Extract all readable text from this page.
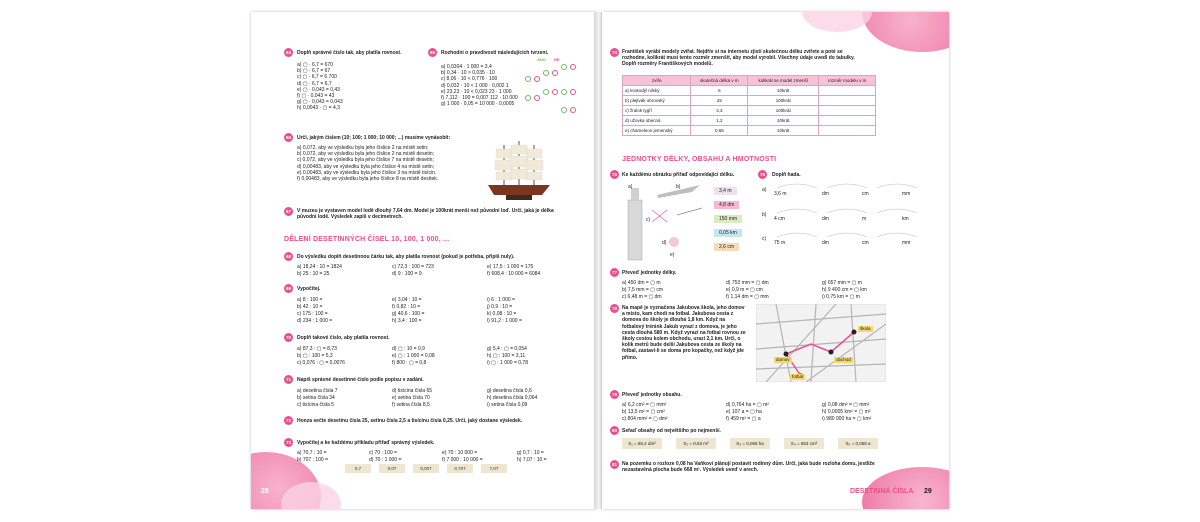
64	Doplň správné číslo tak, aby platila rovnost.
a) ▢ · 6,7 = 670
b) ▢ · 6,7 = 67
c) ▢ · 6,7 = 6 700
d) ▢ · 6,7 = 6,7
e) ▢ · 0,043 = 0,43
f) ▢ · 0,043 = 43
g) ▢ · 0,043 = 0,043
h) 0,0043 · ▢ = 4,3
65	Rozhodni o pravdivosti následujících tvrzení.
ANO NE
a) 0,0304 · 1 000 = 3,4
b) 0,34 · 10 > 0,035 · 10
c) 8,06 · 10 < 0,776 · 100
d) 0,032 · 10 < 1 000 · 0,002 1
e) 23,23 · 10 < 0,023 23 · 1 000
f) 7,112 · 100 = 0,007 112 · 10 000
g) 1 000 · 0,05 = 10 000 · 0,0005
66	Urči, jakým číslem (10; 100; 1 000; 10 000; ...) musíme vynásobit:
a) 0,072, aby ve výsledku byla jeho číslice 2 na místě setin;
b) 0,072, aby ve výsledku byla jeho číslice 2 na místě desetin;
c) 0,072, aby ve výsledku byla jeho číslice 7 na místě desetin;
d) 0,00483, aby ve výsledku byla jeho číslice 4 na místě setin;
e) 0,00483, aby ve výsledku byla jeho číslice 3 na místě tisícin.
f) 0,00483, aby ve výsledku byla jeho číslice 8 na místě desítek.
67	V muzeu je vystaven model lodě dlouhý 7,64 dm. Model je 100krát menší než původní loď. Urči, jaká je délka původní lodě. Výsledek zapiš v decimetrech.
DĚLENÍ DESETINNÝCH ČÍSEL 10, 100, 1 000, ...
68	Do výsledku doplň desetinnou čárku tak, aby platila rovnost (pokud je potřeba, připiš nuly).
a) 18,24 : 10 = 1824
b) 25 : 10 = 25
c) 72,3 : 100 = 723
d) 9 : 100 = 9
e) 17,5 : 1 000 = 175
f) 608,4 : 10 000 = 6084
69	Vypočítej.
a) 8 : 100 =
b) 42 : 10 =
c) 175 : 100 =
d) 234 : 1 000 =
e) 3,04 : 10 =
f) 0,82 : 10 =
g) 40,6 : 100 =
h) 3,4 : 100 =
i) 6 : 1 000 =
j) 0,9 : 10 =
k) 0,08 : 10 =
l) 91,2 : 1 000 =
70	Doplň takové číslo, aby platila rovnost.
a) 87,3 : ▢ = 8,73
b) ▢ : 100 = 5,3
c) 0,076 : ▢ = 0,0076
d) ▢ : 10 = 0,9
e) ▢ : 1 000 = 0,08
f) 800 : ▢ = 0,8
g) 5,4 : ▢ = 0,054
h) ▢ : 100 = 3,11
i) ▢ : 1 000 = 0,78
71	Napiš správné desetinné číslo podle popisu v zadání.
a) desetina čísla 7
b) setina čísla 34
c) tisícina čísla 5
d) tisícina čísla 65
e) setina čísla 70
f) setina čísla 8,5
g) desetina čísla 0,6
h) desetina čísla 0,064
i) setina čísla 0,09
72	Honza sečte desetinu čísla 25, setinu čísla 2,5 a tisícinu čísla 0,25. Urči, jaký dostane výsledek.
73	Vypočítej a ke každému příkladu přiřaď správný výsledek.
a) 70,7 : 10 =
b) 707 : 100 =
c) 70 : 100 =
d) 70 : 1 000 =
e) 70 : 10 000 =
f) 7 000 : 10 000 =
g) 0,7 : 10 =
h) 7,07 : 10 =
0,7	0,07	0,007	0,707	7,07
28
74	František vyrábí modely zvířat. Nejdřív si na internetu zjistí skutečnou délku zvířete a poté se rozhodne, kolikrát musí tento rozměr zmenšit, aby model vyrobil. Všechny údaje uvedl do tabulky. Doplň rozměry Františkových modelů.
zvíře	skutečná délka v m	kolikrát se model zmenší	rozměr modelu v m
a) krokodýl nilský	6	10krát	
b) plejtvák obrovský	25	100krát	
c) žralok tygří	3,3	100krát	
d) užovka obecná	1,2	10krát	
e) chameleon jemenský	0,65	10krát	
JEDNOTKY DÉLKY, OBSAHU A HMOTNOSTI
75	Ke každému obrázku přiřaď odpovídající délku.
a)	b)
c)
d)
e)
3,4 m
4,8 dm
150 mm
0,05 km
2,6 cm
76	Doplň hada.
a)
3,6 m	dm	cm	mm
b)
4 cm	dm	m	km
c)
75 m	dm	cm	mm
77	Převeď jednotky délky.
a) 450 dm = ▢ m
b) 7,5 mm = ▢ cm
c) 6,48 m = ▢ dm
d) 753 mm = ▢ dm
e) 0,9 m = ▢ cm
f) 1,14 dm = ▢ mm
g) 657 mm = ▢ m
h) 9 400 cm = ▢ km
i) 0,75 km = ▢ m
78	Na mapě je vyznačena Jakubova škola, jeho domov a místo, kam chodí na fotbal. Jakubova cesta z domova do školy je dlouhá 1,8 km. Když na fotbalový trénink Jakub vyrazí z domova, je jeho cesta dlouhá 580 m. Když vyrazí na fotbal rovnou ze školy cestou kolem obchodu, urazí 2,1 km. Urči, o kolik metrů bude delší Jakubova cesta ze školy na fotbal, zastaví-li se doma pro kopačky, než když jde přímo.
škola
domov	obchod
fotbal
79	Převeď jednotky obsahu.
a) 6,2 cm² = ▢ mm²
b) 13,5 m² = ▢ cm²
c) 804 mm² = ▢ dm²
d) 0,764 ha = ▢ m²
e) 107 a = ▢ ha
f) 459 m² = ▢ a
g) 0,08 dm² = ▢ mm²
h) 0,0005 km² = ▢ m²
i) 980 000 ha = ▢ km²
80	Seřaď obsahy od největšího po nejmenší.
S₁ = 65,4 dm²	S₂ = 0,63 m²	S₃ = 0,065 ha	S₄ = 653 cm²	S₅ = 0,068 a
81	Na pozemku o rozloze 0,08 ha Vaňkovi plánují postavit rodinný dům. Urči, jaká bude rozloha domu, jestliže nezastavěná plocha bude 668 m². Výsledek uveď v arech.
DESETINNÁ ČÍSLA 29
